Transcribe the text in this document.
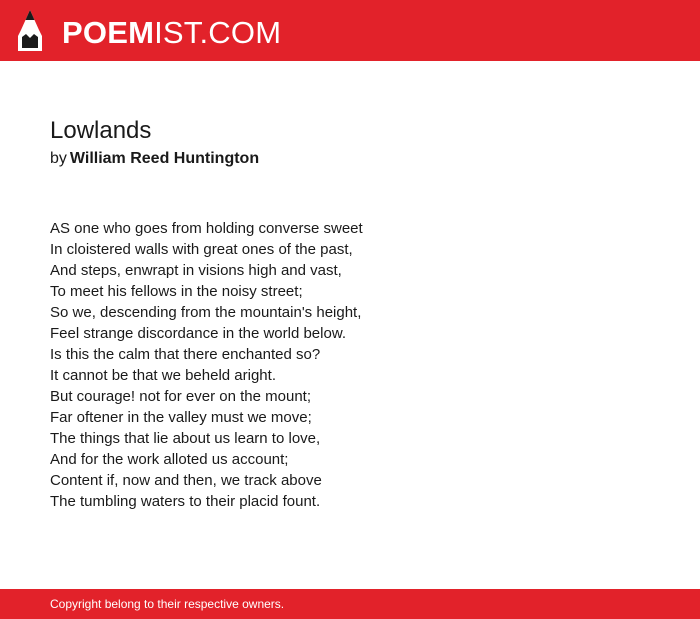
POEM IST.COM
Lowlands
by William Reed Huntington
AS one who goes from holding converse sweet
In cloistered walls with great ones of the past,
And steps, enwrapt in visions high and vast,
To meet his fellows in the noisy street;
So we, descending from the mountain's height,
Feel strange discordance in the world below.
Is this the calm that there enchanted so?
It cannot be that we beheld aright.
But courage! not for ever on the mount;
Far oftener in the valley must we move;
The things that lie about us learn to love,
And for the work alloted us account;
Content if, now and then, we track above
The tumbling waters to their placid fount.
Copyright belong to their respective owners.
